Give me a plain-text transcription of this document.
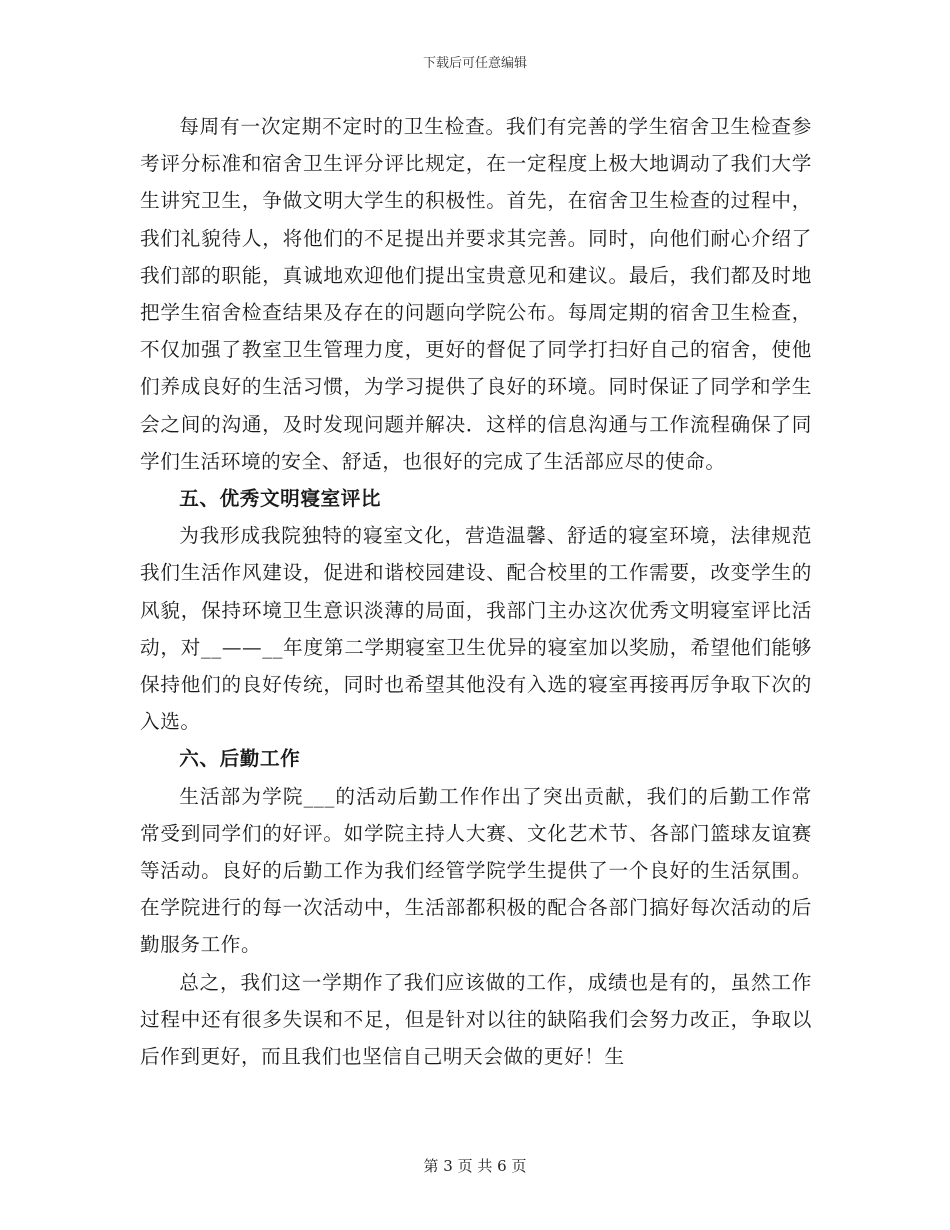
下载后可任意编辑

每周有一次定期不定时的卫生检查。我们有完善的学生宿舍卫生检查参考评分标准和宿舍卫生评分评比规定，在一定程度上极大地调动了我们大学生讲究卫生，争做文明大学生的积极性。首先，在宿舍卫生检查的过程中，我们礼貌待人，将他们的不足提出并要求其完善。同时，向他们耐心介绍了我们部的职能，真诚地欢迎他们提出宝贵意见和建议。最后，我们都及时地把学生宿舍检查结果及存在的问题向学院公布。每周定期的宿舍卫生检查，不仅加强了教室卫生管理力度，更好的督促了同学打扫好自己的宿舍，使他们养成良好的生活习惯，为学习提供了良好的环境。同时保证了同学和学生会之间的沟通，及时发现问题并解决．这样的信息沟通与工作流程确保了同学们生活环境的安全、舒适，也很好的完成了生活部应尽的使命。

五、优秀文明寝室评比

为我形成我院独特的寝室文化，营造温馨、舒适的寝室环境，法律规范我们生活作风建设，促进和谐校园建设、配合校里的工作需要，改变学生的风貌，保持环境卫生意识淡薄的局面，我部门主办这次优秀文明寝室评比活动，对__——__年度第二学期寝室卫生优异的寝室加以奖励，希望他们能够保持他们的良好传统，同时也希望其他没有入选的寝室再接再厉争取下次的入选。

六、后勤工作

生活部为学院___的活动后勤工作作出了突出贡献，我们的后勤工作常常受到同学们的好评。如学院主持人大赛、文化艺术节、各部门篮球友谊赛等活动。良好的后勤工作为我们经管学院学生提供了一个良好的生活氛围。在学院进行的每一次活动中，生活部都积极的配合各部门搞好每次活动的后勤服务工作。

总之，我们这一学期作了我们应该做的工作，成绩也是有的，虽然工作过程中还有很多失误和不足，但是针对以往的缺陷我们会努力改正，争取以后作到更好，而且我们也坚信自己明天会做的更好！生

第 3 页 共 6 页
